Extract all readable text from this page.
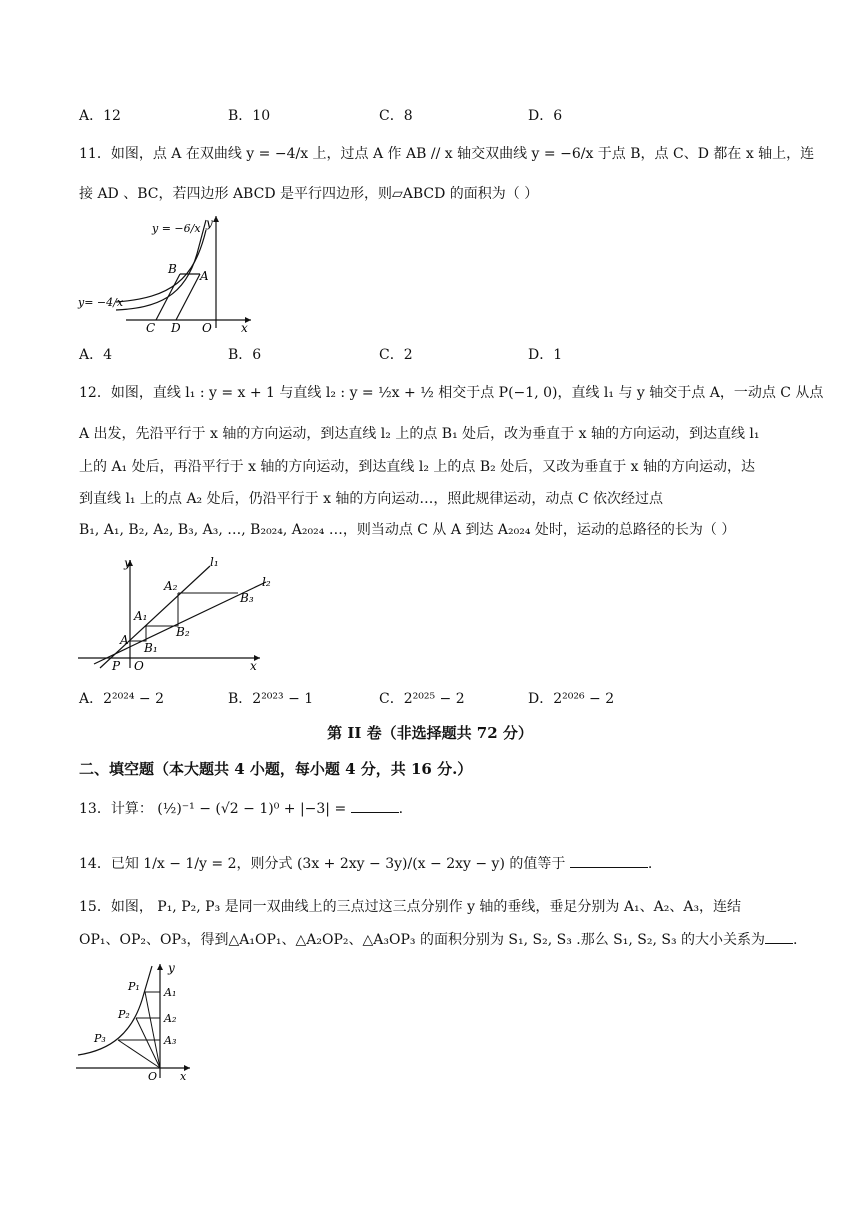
A．12	B．10	C．8	D．6
11．如图，点 A 在双曲线 y = −4/x 上，过点 A 作 AB // x 轴交双曲线 y = −6/x 于点 B，点 C、D 都在 x 轴上，连
接 AD 、BC，若四边形 ABCD 是平行四边形，则▱ABCD 的面积为（ ）
y
y = −6/x
y= −4/x
B A
C D O x
A．4	B．6	C．2	D．1
12．如图，直线 l₁ : y = x + 1 与直线 l₂ : y = ½x + ½ 相交于点 P(−1, 0)，直线 l₁ 与 y 轴交于点 A，一动点 C 从点
A 出发，先沿平行于 x 轴的方向运动，到达直线 l₂ 上的点 B₁ 处后，改为垂直于 x 轴的方向运动，到达直线 l₁
上的 A₁ 处后，再沿平行于 x 轴的方向运动，到达直线 l₂ 上的点 B₂ 处后，又改为垂直于 x 轴的方向运动，达
到直线 l₁ 上的点 A₂ 处后，仍沿平行于 x 轴的方向运动…，照此规律运动，动点 C 依次经过点
B₁, A₁, B₂, A₂, B₃, A₃, …, B₂₀₂₄, A₂₀₂₄ …，则当动点 C 从 A 到达 A₂₀₂₄ 处时，运动的总路径的长为（ ）
y	l₁
l₂
A₂
B₃
A₁
A
B₂
B₁
P O	x
A．2²⁰²⁴ − 2	B．2²⁰²³ − 1	C．2²⁰²⁵ − 2	D．2²⁰²⁶ − 2
第 II 卷（非选择题共 72 分）
二、填空题（本大题共 4 小题，每小题 4 分，共 16 分.）
13．计算： (½)⁻¹ − (√2 − 1)⁰ + |−3| =	.
14．已知 1/x − 1/y = 2，则分式 (3x + 2xy − 3y)/(x − 2xy − y) 的值等于	.
15．如图， P₁, P₂, P₃ 是同一双曲线上的三点过这三点分别作 y 轴的垂线，垂足分别为 A₁、A₂、A₃，连结
OP₁、OP₂、OP₃，得到△A₁OP₁、△A₂OP₂、△A₃OP₃ 的面积分别为 S₁, S₂, S₃ .那么 S₁, S₂, S₃ 的大小关系为 .
y
P₁
P₂
P₃
A₁
A₂
A₃
O x
